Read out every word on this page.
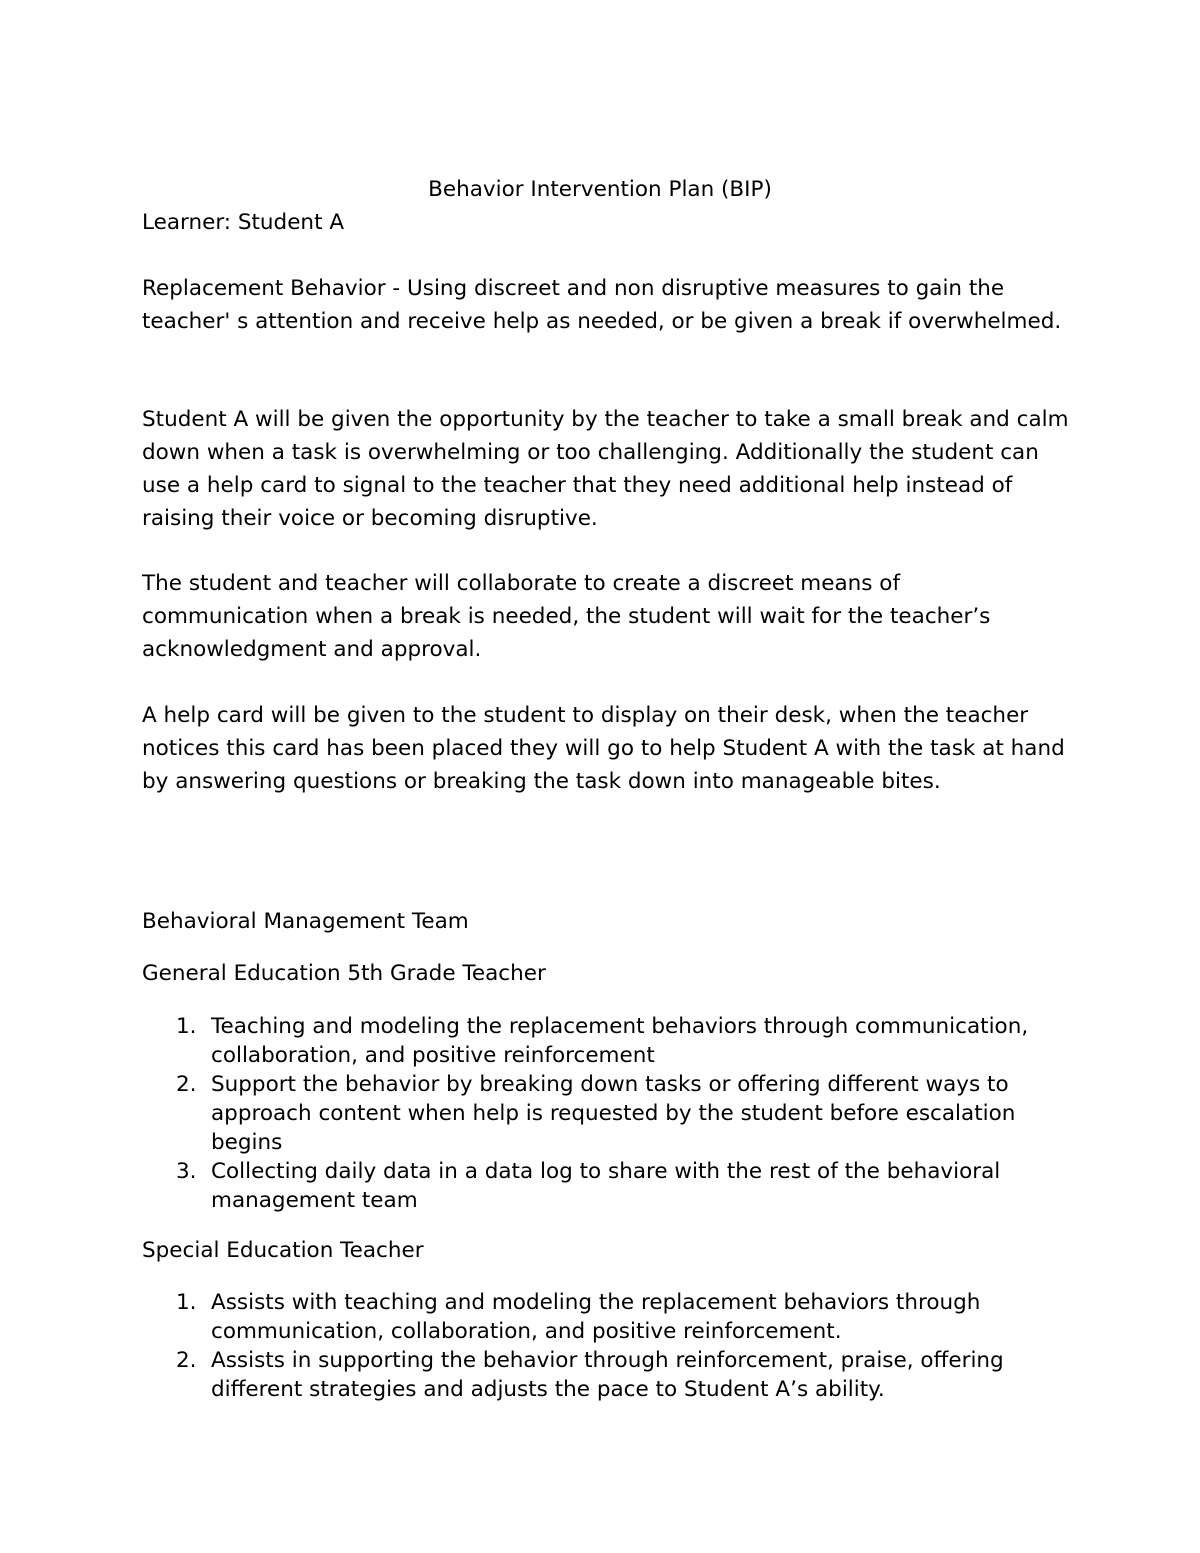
Behavior Intervention Plan (BIP)

Learner: Student A

Replacement Behavior - Using discreet and non disruptive measures to gain the teacher' s attention and receive help as needed, or be given a break if overwhelmed.

Student A will be given the opportunity by the teacher to take a small break and calm down when a task is overwhelming or too challenging. Additionally the student can use a help card to signal to the teacher that they need additional help instead of raising their voice or becoming disruptive.

The student and teacher will collaborate to create a discreet means of communication when a break is needed, the student will wait for the teacher’s acknowledgment and approval.

A help card will be given to the student to display on their desk, when the teacher notices this card has been placed they will go to help Student A with the task at hand by answering questions or breaking the task down into manageable bites.

Behavioral Management Team

General Education 5th Grade Teacher

1. Teaching and modeling the replacement behaviors through communication, collaboration, and positive reinforcement
2. Support the behavior by breaking down tasks or offering different ways to approach content when help is requested by the student before escalation begins
3. Collecting daily data in a data log to share with the rest of the behavioral management team

Special Education Teacher

1. Assists with teaching and modeling the replacement behaviors through communication, collaboration, and positive reinforcement.
2. Assists in supporting the behavior through reinforcement, praise, offering different strategies and adjusts the pace to Student A’s ability.
